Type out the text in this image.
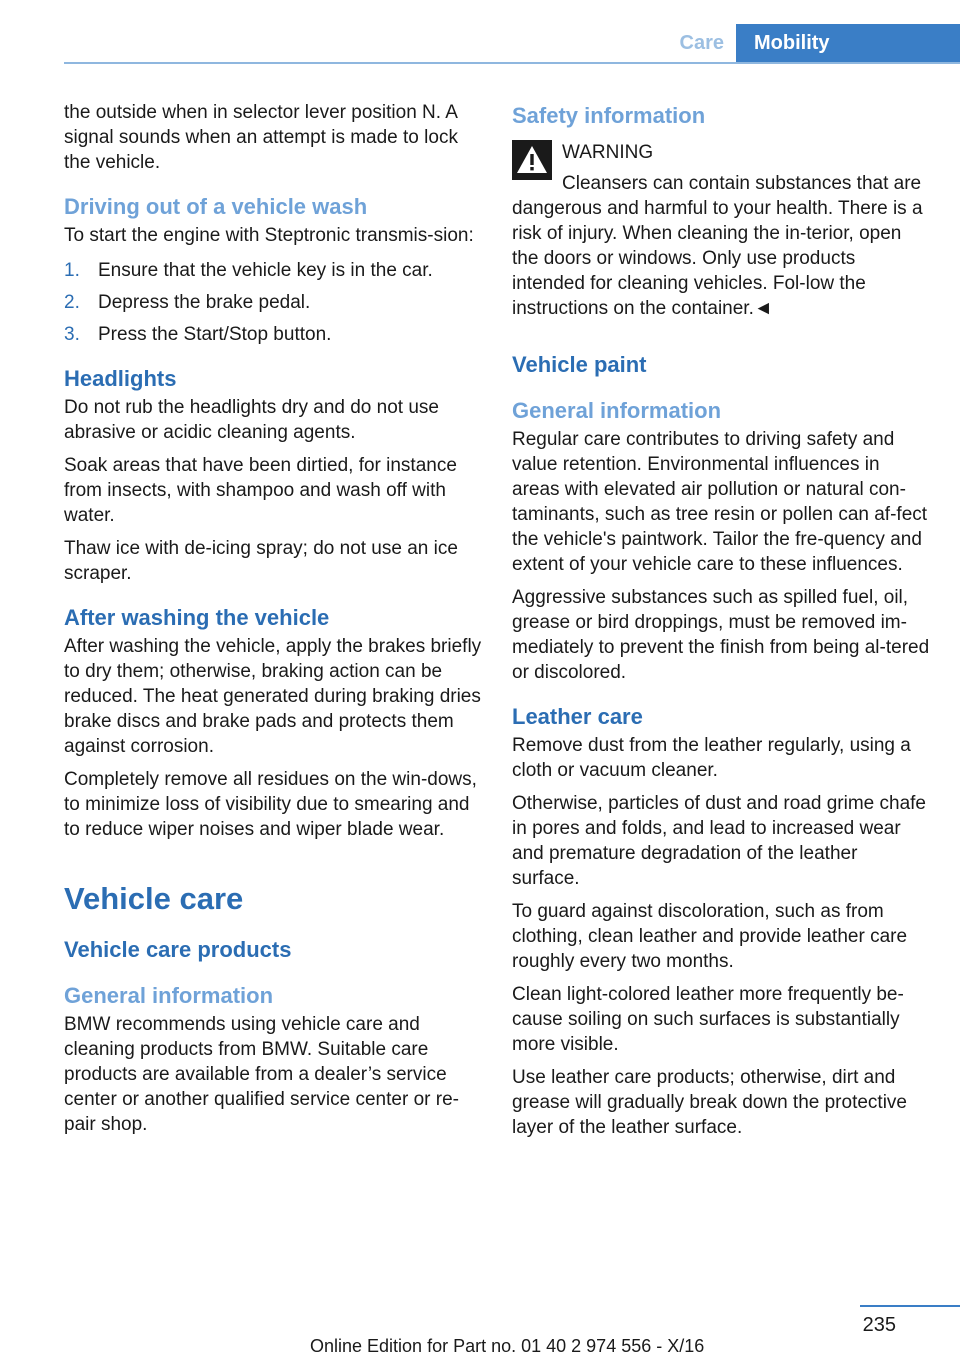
Care	Mobility

the outside when in selector lever position N. A signal sounds when an attempt is made to lock the vehicle.

Driving out of a vehicle wash

To start the engine with Steptronic transmis-sion:

1. Ensure that the vehicle key is in the car.
2. Depress the brake pedal.
3. Press the Start/Stop button.
Headlights

Do not rub the headlights dry and do not use abrasive or acidic cleaning agents.

Soak areas that have been dirtied, for instance from insects, with shampoo and wash off with water.

Thaw ice with de-icing spray; do not use an ice scraper.

After washing the vehicle

After washing the vehicle, apply the brakes briefly to dry them; otherwise, braking action can be reduced. The heat generated during braking dries brake discs and brake pads and protects them against corrosion.

Completely remove all residues on the win-dows, to minimize loss of visibility due to smearing and to reduce wiper noises and wiper blade wear.

Vehicle care
Vehicle care products
General information

BMW recommends using vehicle care and cleaning products from BMW. Suitable care products are available from a dealer’s service center or another qualified service center or re-pair shop.

Safety information
WARNING
Cleansers can contain substances that are dangerous and harmful to your health. There is a risk of injury. When cleaning the in-terior, open the doors or windows. Only use products intended for cleaning vehicles. Fol-low the instructions on the container.◄
Vehicle paint
General information

Regular care contributes to driving safety and value retention. Environmental influences in areas with elevated air pollution or natural con-taminants, such as tree resin or pollen can af-fect the vehicle's paintwork. Tailor the fre-quency and extent of your vehicle care to these influences.

Aggressive substances such as spilled fuel, oil, grease or bird droppings, must be removed im-mediately to prevent the finish from being al-tered or discolored.

Leather care

Remove dust from the leather regularly, using a cloth or vacuum cleaner.

Otherwise, particles of dust and road grime chafe in pores and folds, and lead to increased wear and premature degradation of the leather surface.

To guard against discoloration, such as from clothing, clean leather and provide leather care roughly every two months.

Clean light-colored leather more frequently be-cause soiling on such surfaces is substantially more visible.

Use leather care products; otherwise, dirt and grease will gradually break down the protective layer of the leather surface.

235
Online Edition for Part no. 01 40 2 974 556 - X/16
